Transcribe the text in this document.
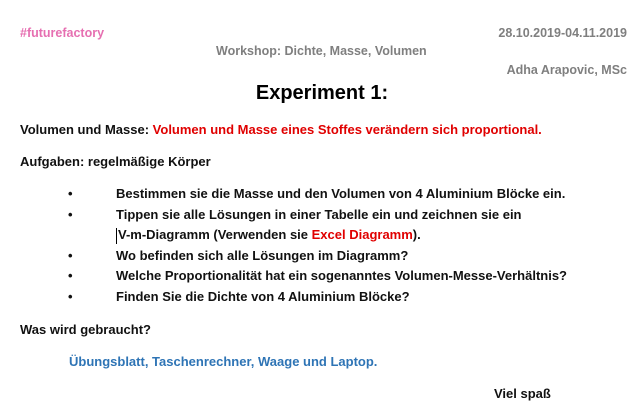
#futurefactory	28.10.2019-04.11.2019
Workshop: Dichte, Masse, Volumen
Adha Arapovic, MSc
Experiment 1:
Volumen und Masse: Volumen und Masse eines Stoffes verändern sich proportional.
Aufgaben: regelmäßige Körper
•	Bestimmen sie die Masse und den Volumen von 4 Aluminium Blöcke ein.
•	Tippen sie alle Lösungen in einer Tabelle ein und zeichnen sie ein
V-m-Diagramm (Verwenden sie Excel Diagramm).
•	Wo befinden sich alle Lösungen im Diagramm?
•	Welche Proportionalität hat ein sogenanntes Volumen-Messe-Verhältnis?
•	Finden Sie die Dichte von 4 Aluminium Blöcke?
Was wird gebraucht?
Übungsblatt, Taschenrechner, Waage und Laptop.
Viel spaß
